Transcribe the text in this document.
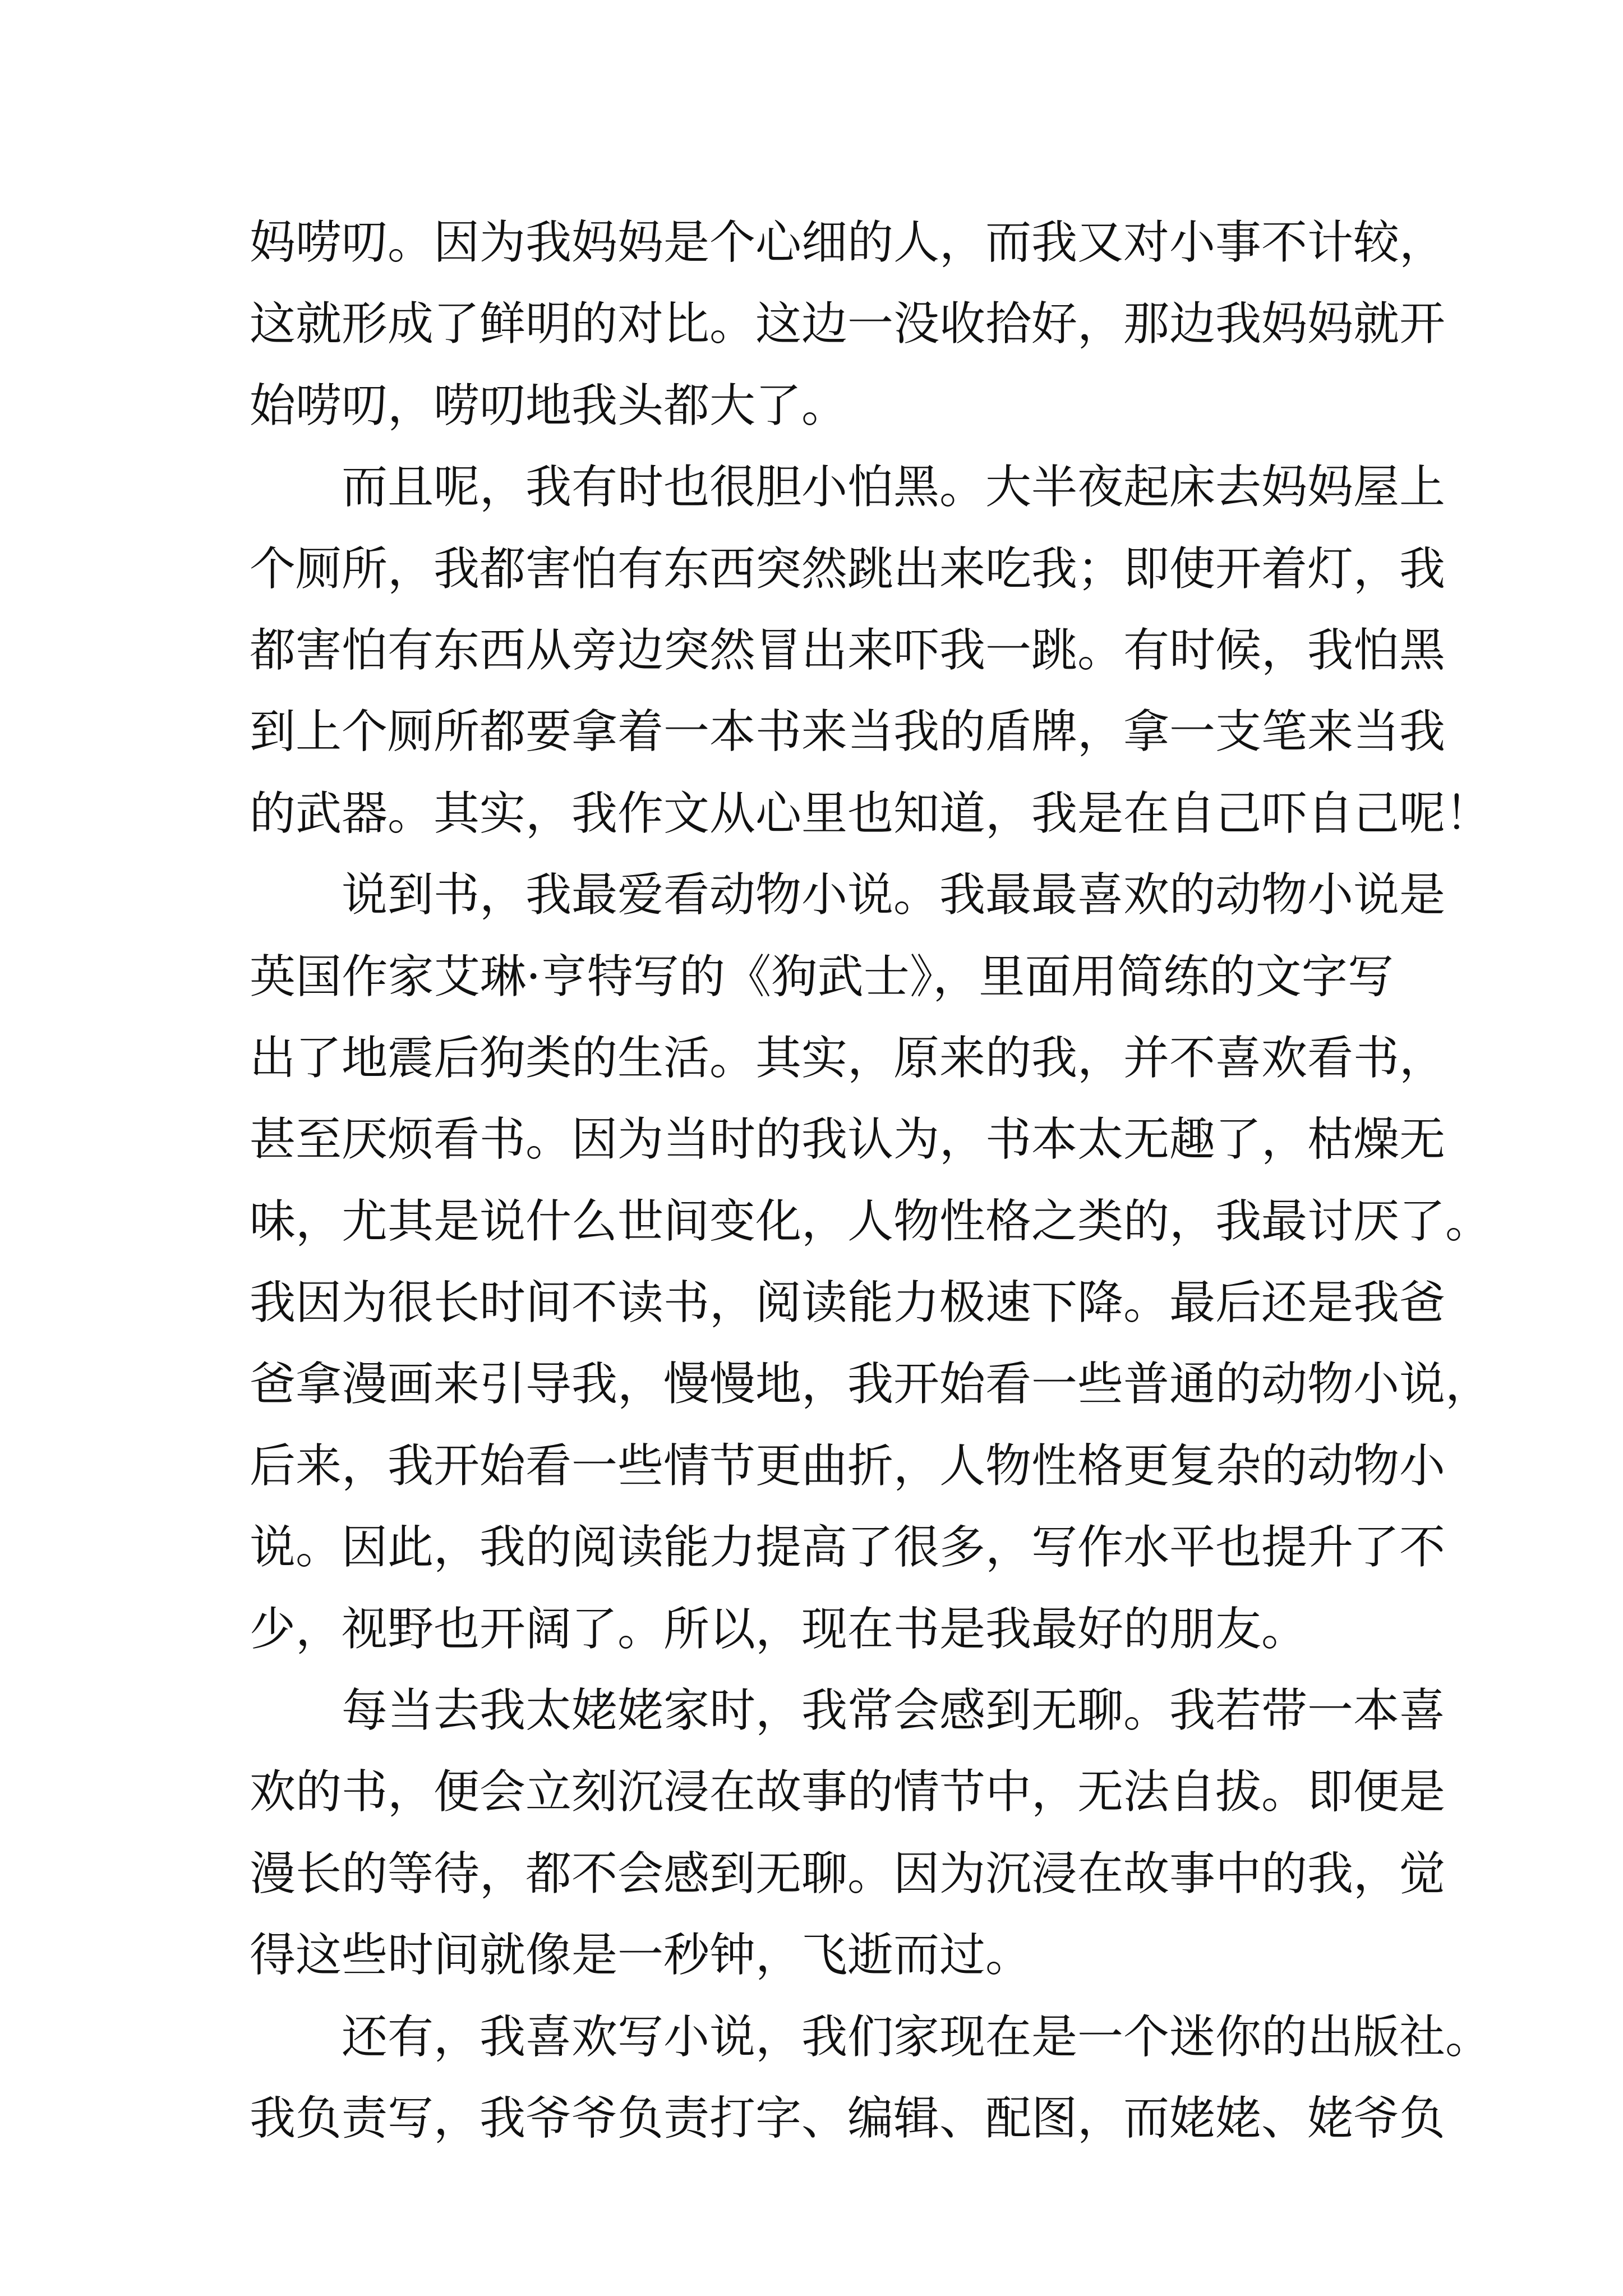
妈唠叨。因为我妈妈是个心细的人，而我又对小事不计较，
这就形成了鲜明的对比。这边一没收拾好，那边我妈妈就开
始唠叨，唠叨地我头都大了。
而且呢，我有时也很胆小怕黑。大半夜起床去妈妈屋上
个厕所，我都害怕有东西突然跳出来吃我；即使开着灯，我
都害怕有东西从旁边突然冒出来吓我一跳。有时候，我怕黑
到上个厕所都要拿着一本书来当我的盾牌，拿一支笔来当我
的武器。其实，我作文从心里也知道，我是在自己吓自己呢！
说到书，我最爱看动物小说。我最最喜欢的动物小说是
英国作家艾琳·亨特写的《狗武士》，里面用简练的文字写
出了地震后狗类的生活。其实，原来的我，并不喜欢看书，
甚至厌烦看书。因为当时的我认为，书本太无趣了，枯燥无
味，尤其是说什么世间变化，人物性格之类的，我最讨厌了。
我因为很长时间不读书，阅读能力极速下降。最后还是我爸
爸拿漫画来引导我，慢慢地，我开始看一些普通的动物小说，
后来，我开始看一些情节更曲折，人物性格更复杂的动物小
说。因此，我的阅读能力提高了很多，写作水平也提升了不
少，视野也开阔了。所以，现在书是我最好的朋友。
每当去我太姥姥家时，我常会感到无聊。我若带一本喜
欢的书，便会立刻沉浸在故事的情节中，无法自拔。即便是
漫长的等待，都不会感到无聊。因为沉浸在故事中的我，觉
得这些时间就像是一秒钟，飞逝而过。
还有，我喜欢写小说，我们家现在是一个迷你的出版社。
我负责写，我爷爷负责打字、编辑、配图，而姥姥、姥爷负
